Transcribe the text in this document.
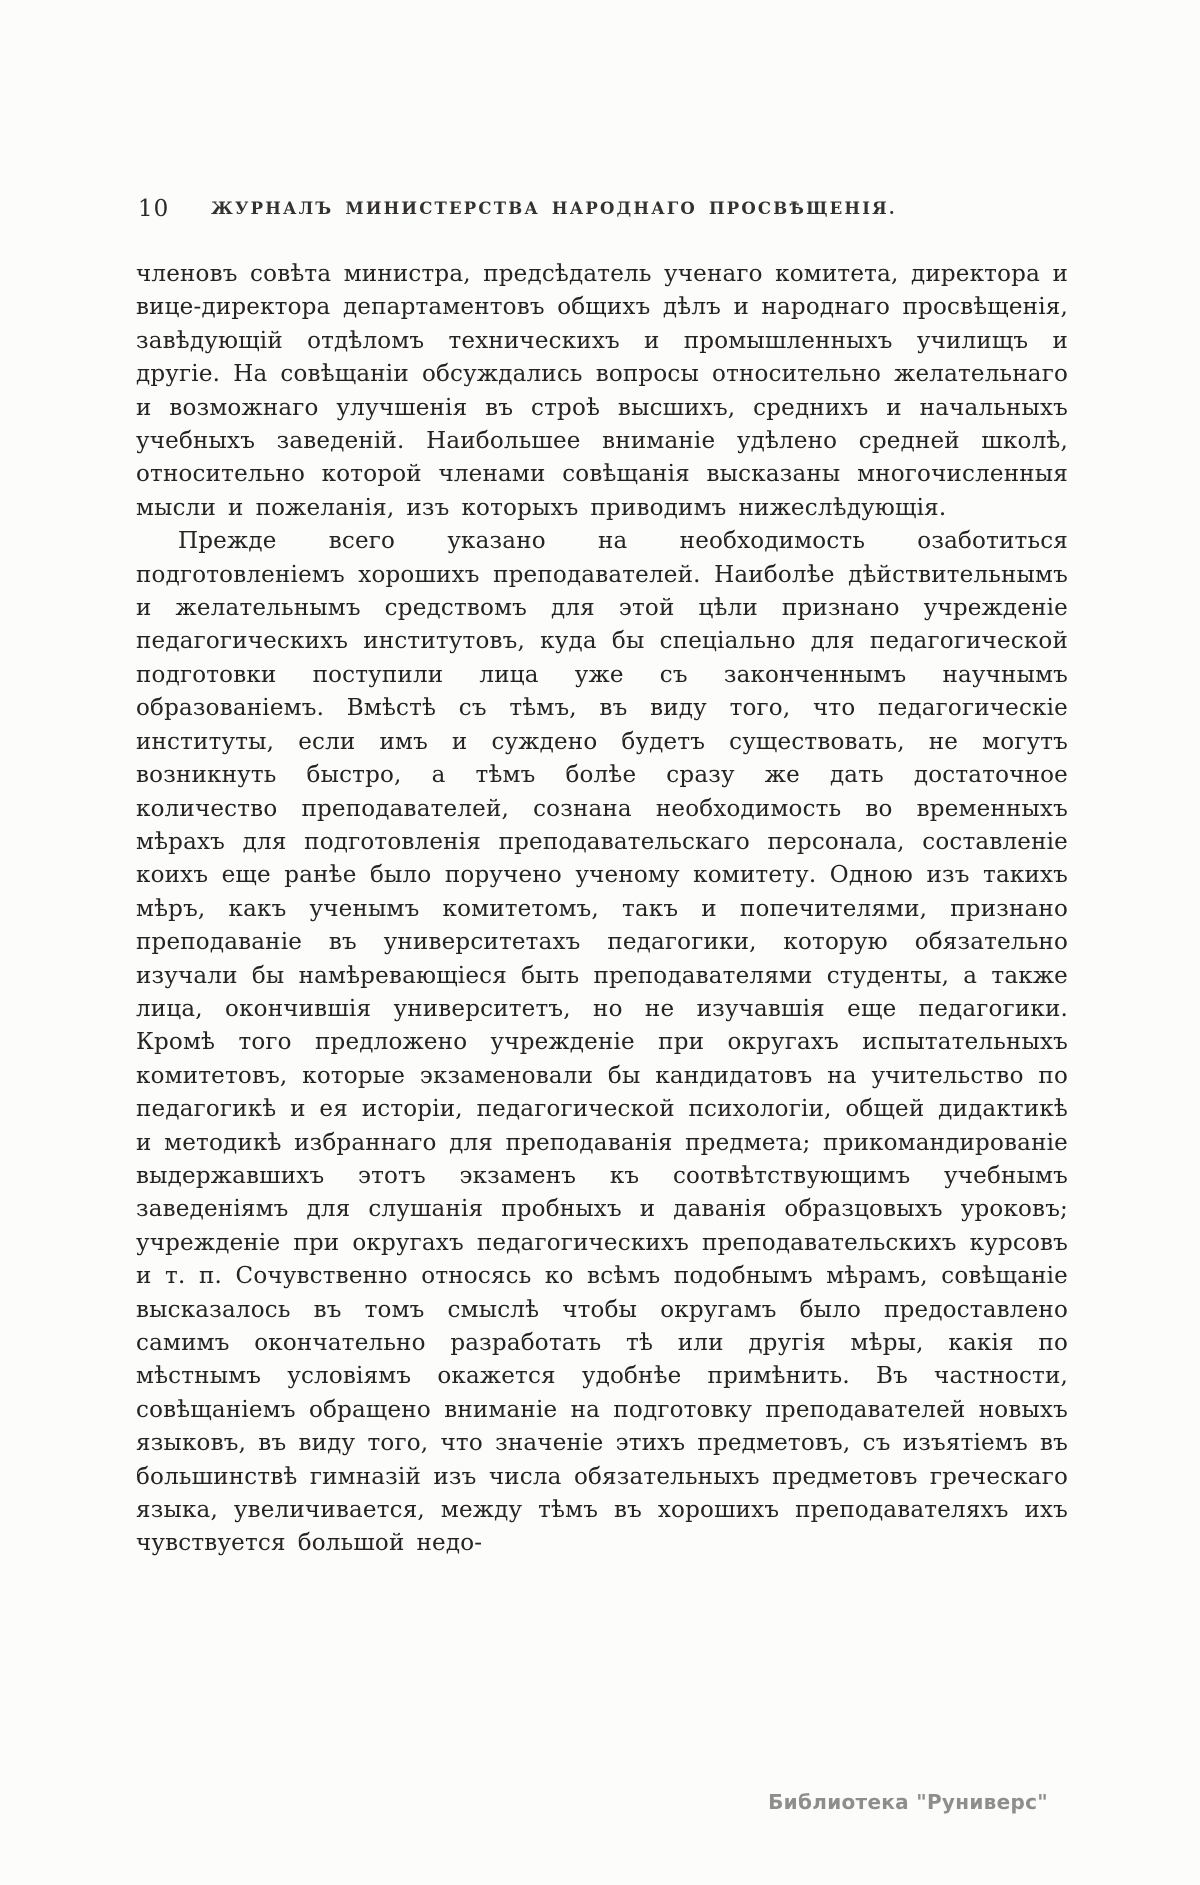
10	ЖУРНАЛЪ МИНИСТЕРСТВА НАРОДНАГО ПРОСВѢЩЕНІЯ.

членовъ совѣта министра, предсѣдатель ученаго комитета, директора и вице-директора департаментовъ общихъ дѣлъ и народнаго просвѣщенія, завѣдующій отдѣломъ техническихъ и промышленныхъ училищъ и другіе. На совѣщаніи обсуждались вопросы относительно желательнаго и возможнаго улучшенія въ строѣ высшихъ, среднихъ и начальныхъ учебныхъ заведеній. Наибольшее вниманіе удѣлено средней школѣ, относительно которой членами совѣщанія высказаны многочисленныя мысли и пожеланія, изъ которыхъ приводимъ нижеслѣдующія.

Прежде всего указано на необходимость озаботиться подготовленіемъ хорошихъ преподавателей. Наиболѣе дѣйствительнымъ и желательнымъ средствомъ для этой цѣли признано учрежденіе педагогическихъ институтовъ, куда бы спеціально для педагогической подготовки поступили лица уже съ законченнымъ научнымъ образованіемъ. Вмѣстѣ съ тѣмъ, въ виду того, что педагогическіе институты, если имъ и суждено будетъ существовать, не могутъ возникнуть быстро, а тѣмъ болѣе сразу же дать достаточное количество преподавателей, сознана необходимость во временныхъ мѣрахъ для подготовленія преподавательскаго персонала, составленіе коихъ еще ранѣе было поручено ученому комитету. Одною изъ такихъ мѣръ, какъ ученымъ комитетомъ, такъ и попечителями, признано преподаваніе въ университетахъ педагогики, которую обязательно изучали бы намѣревающіеся быть преподавателями студенты, а также лица, окончившія университетъ, но не изучавшія еще педагогики. Кромѣ того предложено учрежденіе при округахъ испытательныхъ комитетовъ, которые экзаменовали бы кандидатовъ на учительство по педагогикѣ и ея исторіи, педагогической психологіи, общей дидактикѣ и методикѣ избраннаго для преподаванія предмета; прикомандированіе выдержавшихъ этотъ экзаменъ къ соотвѣтствующимъ учебнымъ заведеніямъ для слушанія пробныхъ и даванія образцовыхъ уроковъ; учрежденіе при округахъ педагогическихъ преподавательскихъ курсовъ и т. п. Сочувственно относясь ко всѣмъ подобнымъ мѣрамъ, совѣщаніе высказалось въ томъ смыслѣ чтобы округамъ было предоставлено самимъ окончательно разработать тѣ или другія мѣры, какія по мѣстнымъ условіямъ окажется удобнѣе примѣнить. Въ частности, совѣщаніемъ обращено вниманіе на подготовку преподавателей новыхъ языковъ, въ виду того, что значеніе этихъ предметовъ, съ изъятіемъ въ большинствѣ гимназій изъ числа обязательныхъ предметовъ греческаго языка, увеличивается, между тѣмъ въ хорошихъ преподавателяхъ ихъ чувствуется большой недо-

Библиотека "Руниверс"
